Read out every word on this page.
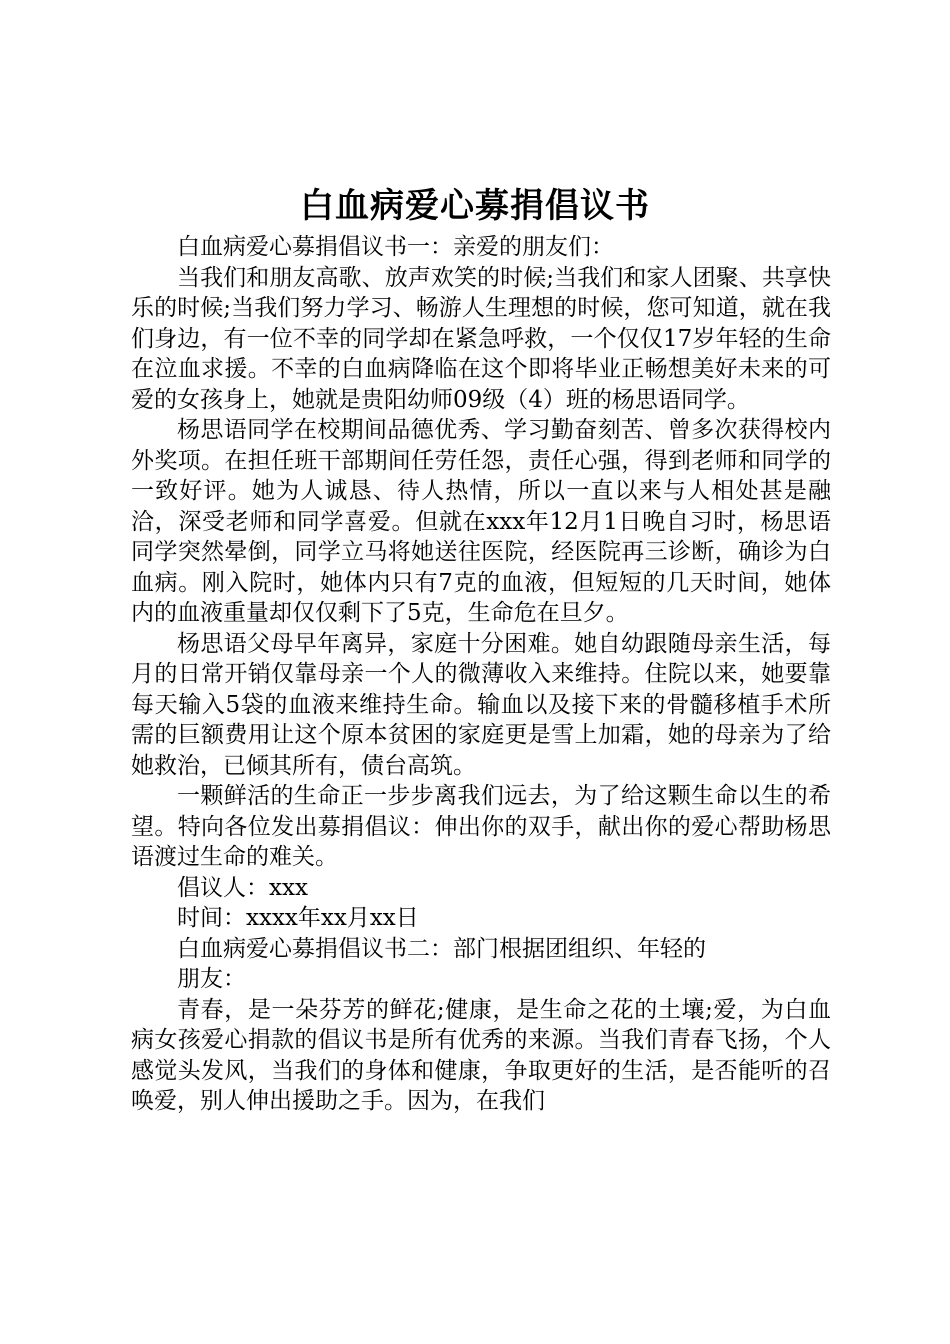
白血病爱心募捐倡议书

白血病爱心募捐倡议书一：亲爱的朋友们：

当我们和朋友高歌、放声欢笑的时候;当我们和家人团聚、共享快乐的时候;当我们努力学习、畅游人生理想的时候，您可知道，就在我们身边，有一位不幸的同学却在紧急呼救，一个仅仅17岁年轻的生命在泣血求援。不幸的白血病降临在这个即将毕业正畅想美好未来的可爱的女孩身上，她就是贵阳幼师09级（4）班的杨思语同学。

杨思语同学在校期间品德优秀、学习勤奋刻苦、曾多次获得校内外奖项。在担任班干部期间任劳任怨，责任心强，得到老师和同学的一致好评。她为人诚恳、待人热情，所以一直以来与人相处甚是融洽，深受老师和同学喜爱。但就在xxx年12月1日晚自习时，杨思语同学突然晕倒，同学立马将她送往医院，经医院再三诊断，确诊为白血病。刚入院时，她体内只有7克的血液，但短短的几天时间，她体内的血液重量却仅仅剩下了5克，生命危在旦夕。

杨思语父母早年离异，家庭十分困难。她自幼跟随母亲生活，每月的日常开销仅靠母亲一个人的微薄收入来维持。住院以来，她要靠每天输入5袋的血液来维持生命。输血以及接下来的骨髓移植手术所需的巨额费用让这个原本贫困的家庭更是雪上加霜，她的母亲为了给她救治，已倾其所有，债台高筑。

一颗鲜活的生命正一步步离我们远去，为了给这颗生命以生的希望。特向各位发出募捐倡议：伸出你的双手，献出你的爱心帮助杨思语渡过生命的难关。

倡议人：xxx

时间：xxxx年xx月xx日

白血病爱心募捐倡议书二：部门根据团组织、年轻的

朋友：

青春，是一朵芬芳的鲜花;健康，是生命之花的土壤;爱，为白血病女孩爱心捐款的倡议书是所有优秀的来源。当我们青春飞扬，个人感觉头发风，当我们的身体和健康，争取更好的生活，是否能听的召唤爱，别人伸出援助之手。因为，在我们
